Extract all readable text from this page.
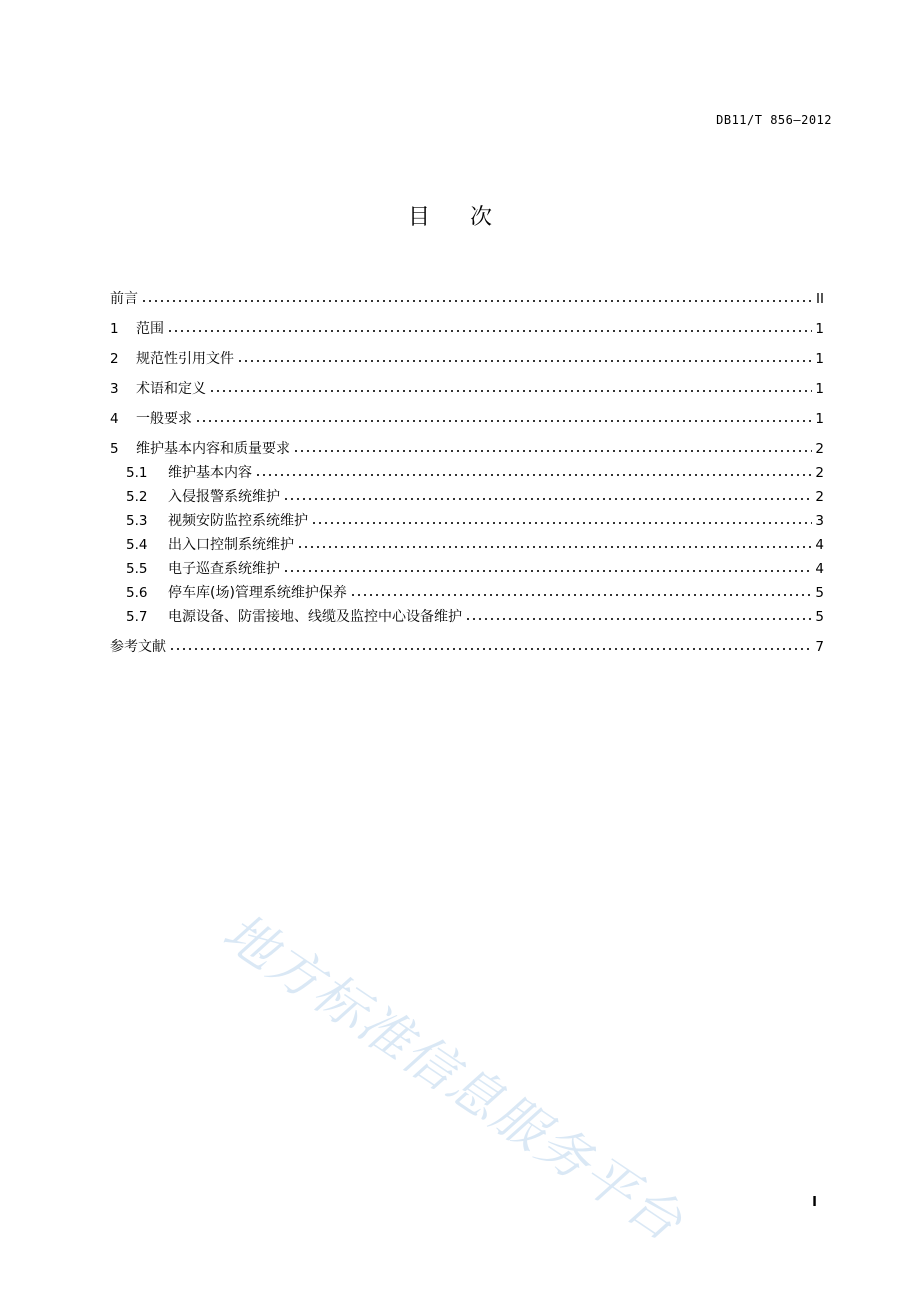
DB11/T 856—2012
目次
前言	II
1	范围	1
2	规范性引用文件	1
3	术语和定义	1
4	一般要求	1
5	维护基本内容和质量要求	2
5.1	维护基本内容	2
5.2	入侵报警系统维护	2
5.3	视频安防监控系统维护	3
5.4	出入口控制系统维护	4
5.5	电子巡查系统维护	4
5.6	停车库(场)管理系统维护保养	5
5.7	电源设备、防雷接地、线缆及监控中心设备维护	5
参考文献	7
地方标准信息服务平台	I
